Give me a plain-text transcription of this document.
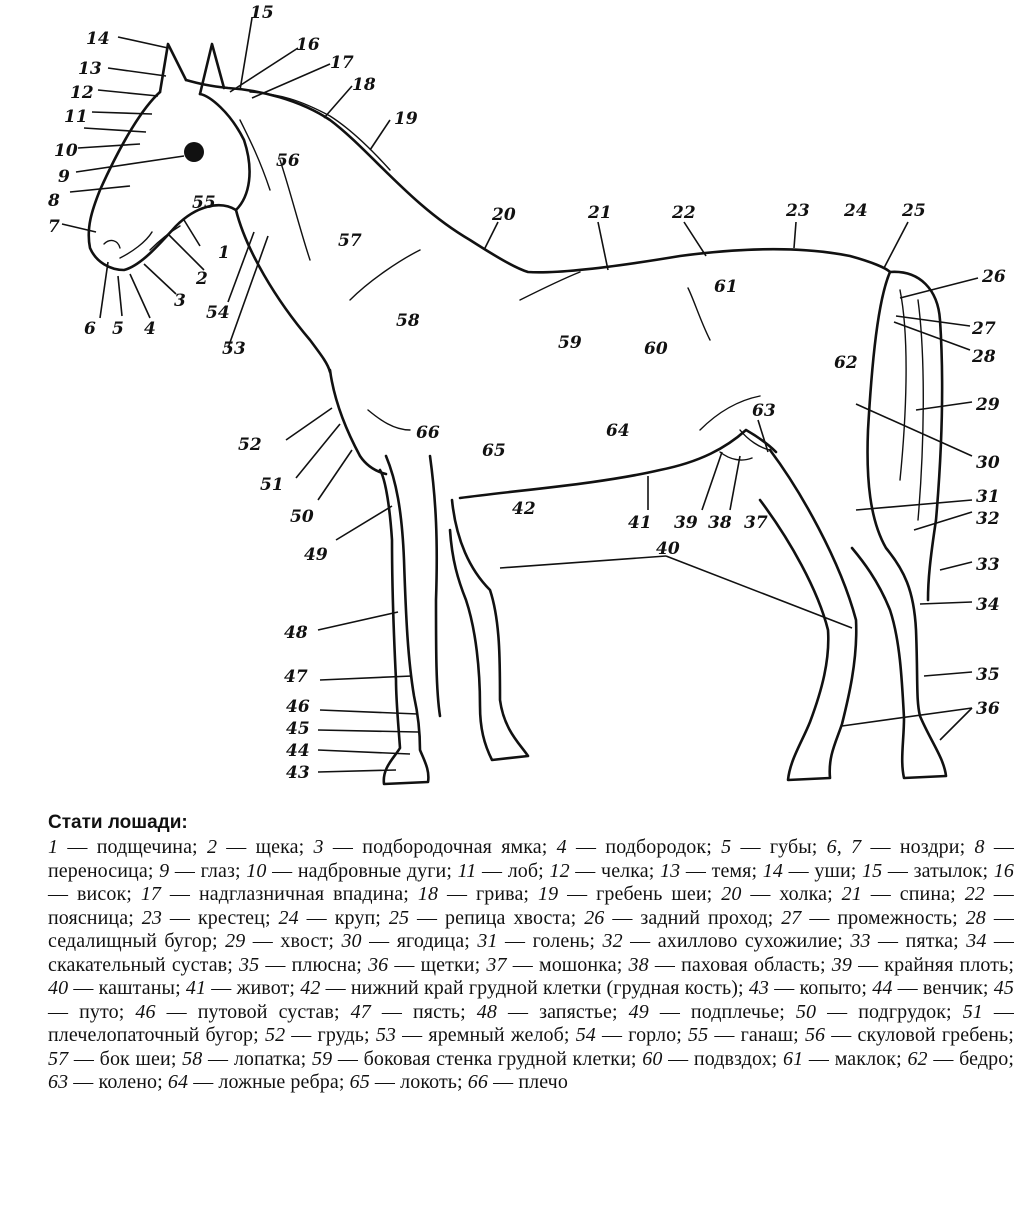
1
2
3
4
5
6
7
8
9
10
11
12
13
14
15
16
17
18
19
20	21	22	23 24 25
26
27
28
29
30
31
32
33
34
35
36
37
38
39
40
41
42
43
44
45
46
47
48
49
50
51
52
53
54
55
56
57
58
59	60
61
62
63
64
65
66
Стати лошади:

1 — подщечина; 2 — щека; 3 — подбородочная ямка; 4 — подбородок; 5 — губы; 6, 7 — ноздри; 8 — переносица; 9 — глаз; 10 — надбровные дуги; 11 — лоб; 12 — челка; 13 — темя; 14 — уши; 15 — затылок; 16 — висок; 17 — надглазничная впадина; 18 — грива; 19 — гребень шеи; 20 — холка; 21 — спина; 22 — поясница; 23 — крестец; 24 — круп; 25 — репица хвоста; 26 — задний проход; 27 — промежность; 28 — седалищный бугор; 29 — хвост; 30 — ягодица; 31 — голень; 32 — ахиллово сухожилие; 33 — пятка; 34 — скакательный сустав; 35 — плюсна; 36 — щетки; 37 — мошонка; 38 — паховая область; 39 — крайняя плоть; 40 — каштаны; 41 — живот; 42 — нижний край грудной клетки (грудная кость); 43 — копыто; 44 — венчик; 45 — путо; 46 — путовой сустав; 47 — пясть; 48 — запястье; 49 — подплечье; 50 — подгрудок; 51 — плечелопаточный бугор; 52 — грудь; 53 — яремный желоб; 54 — горло; 55 — ганаш; 56 — скуловой гребень; 57 — бок шеи; 58 — лопатка; 59 — боковая стенка грудной клетки; 60 — подвздох; 61 — маклок; 62 — бедро; 63 — колено; 64 — ложные ребра; 65 — локоть; 66 — плечо
